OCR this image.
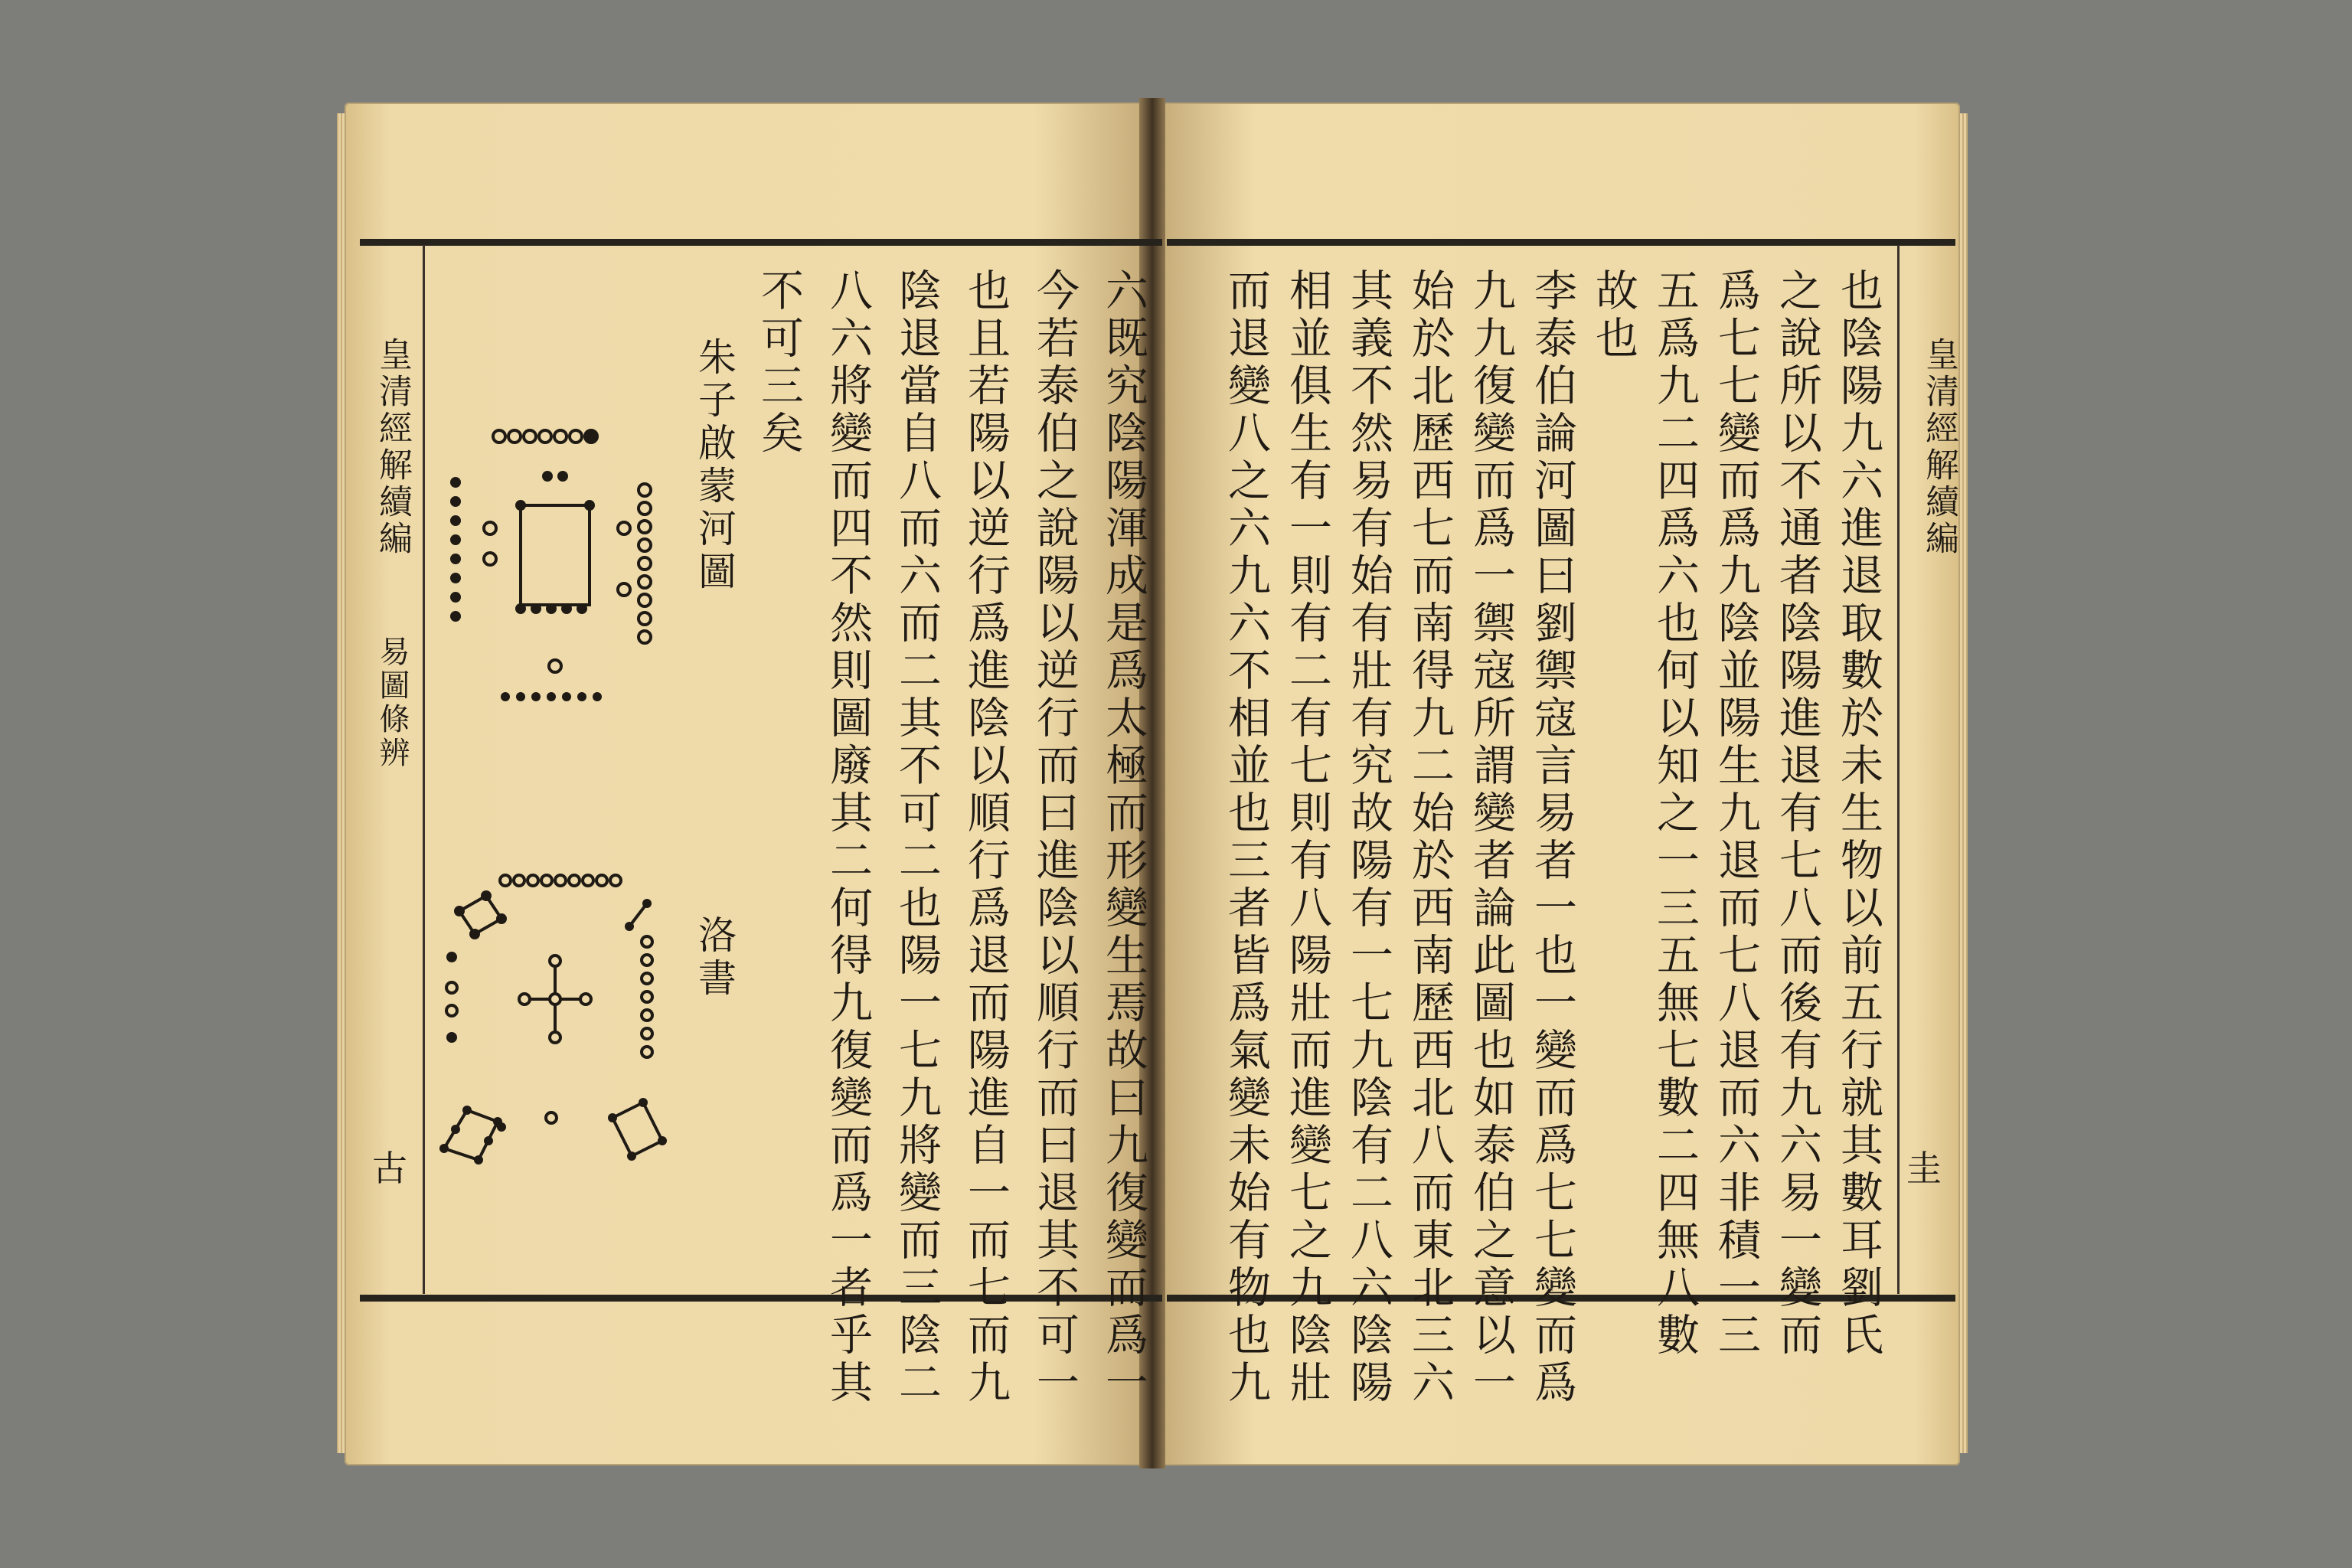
皇清經解續編
易圖條辨
古
朱子啟蒙河圖
洛書	六既究陰陽渾成是爲太極而形變生焉故曰九復變而爲一
今若泰伯之說陽以逆行而曰進陰以順行而曰退其不可一
也且若陽以逆行爲進陰以順行爲退而陽進自一而七而九
陰退當自八而六而二其不可二也陽一七九將變而三陰二
八六將變而四不然則圖廢其二何得九復變而爲一者乎其
不可三矣	皇清經解續編
圭
也陰陽九六進退取數於未生物以前五行就其數耳劉氏
之說所以不通者陰陽進退有七八而後有九六易一變而
爲七七變而爲九陰並陽生九退而七八退而六非積一三
五爲九二四爲六也何以知之一三五無七數二四無八數
故也
李泰伯論河圖曰劉禦寇言易者一也一變而爲七七變而爲
九九復變而爲一禦寇所謂變者論此圖也如泰伯之意以一
始於北歷西七而南得九二始於西南歷西北八而東北三六
其義不然易有始有壯有究故陽有一七九陰有二八六陰陽
相並俱生有一則有二有七則有八陽壯而進變七之九陰壯
而退變八之六九六不相並也三者皆爲氣變未始有物也九
